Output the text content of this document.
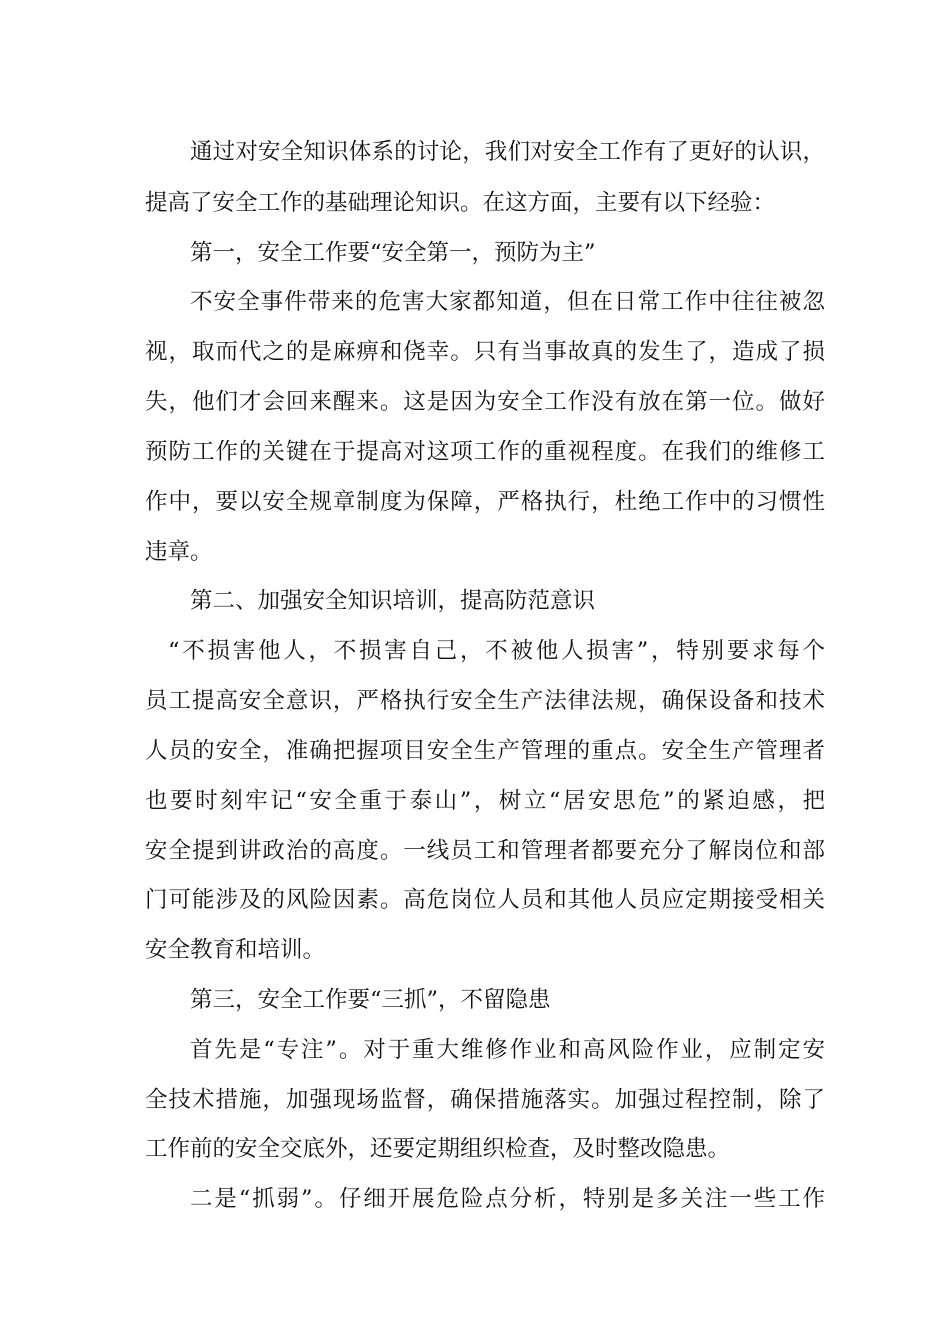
通过对安全知识体系的讨论，我们对安全工作有了更好的认识，
提高了安全工作的基础理论知识。在这方面，主要有以下经验：
第一，安全工作要“安全第一，预防为主”
不安全事件带来的危害大家都知道，但在日常工作中往往被忽
视，取而代之的是麻痹和侥幸。只有当事故真的发生了，造成了损
失，他们才会回来醒来。这是因为安全工作没有放在第一位。做好
预防工作的关键在于提高对这项工作的重视程度。在我们的维修工
作中，要以安全规章制度为保障，严格执行，杜绝工作中的习惯性
违章。
第二、加强安全知识培训，提高防范意识
“不损害他人，不损害自己，不被他人损害”，特别要求每个
员工提高安全意识，严格执行安全生产法律法规，确保设备和技术
人员的安全，准确把握项目安全生产管理的重点。安全生产管理者
也要时刻牢记“安全重于泰山”，树立“居安思危”的紧迫感，把
安全提到讲政治的高度。一线员工和管理者都要充分了解岗位和部
门可能涉及的风险因素。高危岗位人员和其他人员应定期接受相关
安全教育和培训。
第三，安全工作要“三抓”，不留隐患
首先是“专注”。对于重大维修作业和高风险作业，应制定安
全技术措施，加强现场监督，确保措施落实。加强过程控制，除了
工作前的安全交底外，还要定期组织检查，及时整改隐患。
二是“抓弱”。仔细开展危险点分析，特别是多关注一些工作
